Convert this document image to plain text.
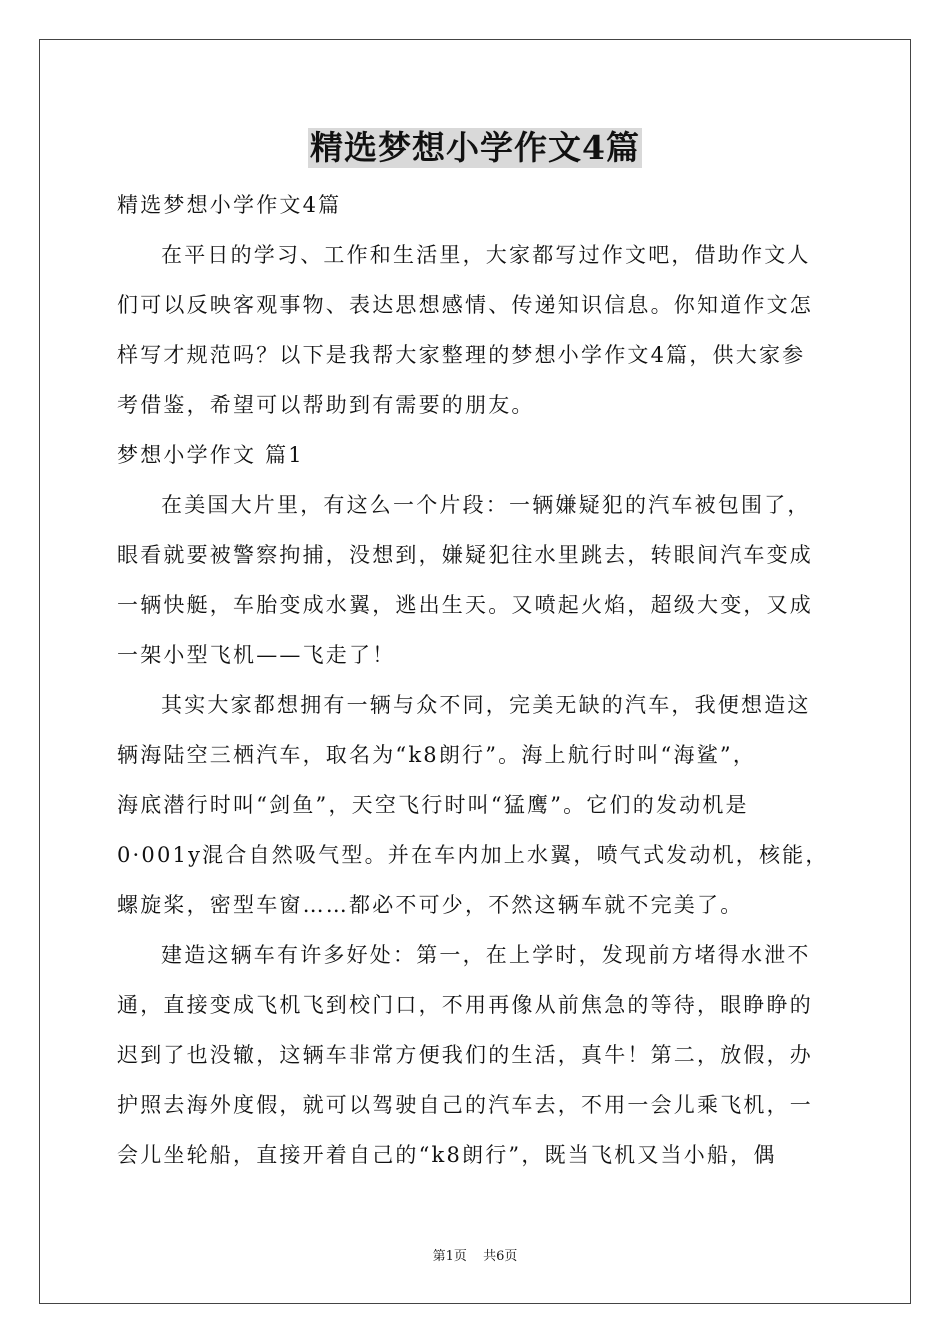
精选梦想小学作文4篇
精选梦想小学作文4篇
在平日的学习、工作和生活里，大家都写过作文吧，借助作文人
们可以反映客观事物、表达思想感情、传递知识信息。你知道作文怎
样写才规范吗？以下是我帮大家整理的梦想小学作文4篇，供大家参
考借鉴，希望可以帮助到有需要的朋友。
梦想小学作文 篇1
在美国大片里，有这么一个片段：一辆嫌疑犯的汽车被包围了，
眼看就要被警察拘捕，没想到，嫌疑犯往水里跳去，转眼间汽车变成
一辆快艇，车胎变成水翼，逃出生天。又喷起火焰，超级大变，又成
一架小型飞机——飞走了！
其实大家都想拥有一辆与众不同，完美无缺的汽车，我便想造这
辆海陆空三栖汽车，取名为“k8朗行”。海上航行时叫“海鲨”，
海底潜行时叫“剑鱼”，天空飞行时叫“猛鹰”。它们的发动机是
0·001y混合自然吸气型。并在车内加上水翼，喷气式发动机，核能，
螺旋桨，密型车窗……都必不可少，不然这辆车就不完美了。
建造这辆车有许多好处：第一，在上学时，发现前方堵得水泄不
通，直接变成飞机飞到校门口，不用再像从前焦急的等待，眼睁睁的
迟到了也没辙，这辆车非常方便我们的生活，真牛！第二，放假，办
护照去海外度假，就可以驾驶自己的汽车去，不用一会儿乘飞机，一
会儿坐轮船，直接开着自己的“k8朗行”，既当飞机又当小船，偶
第1页 共6页
